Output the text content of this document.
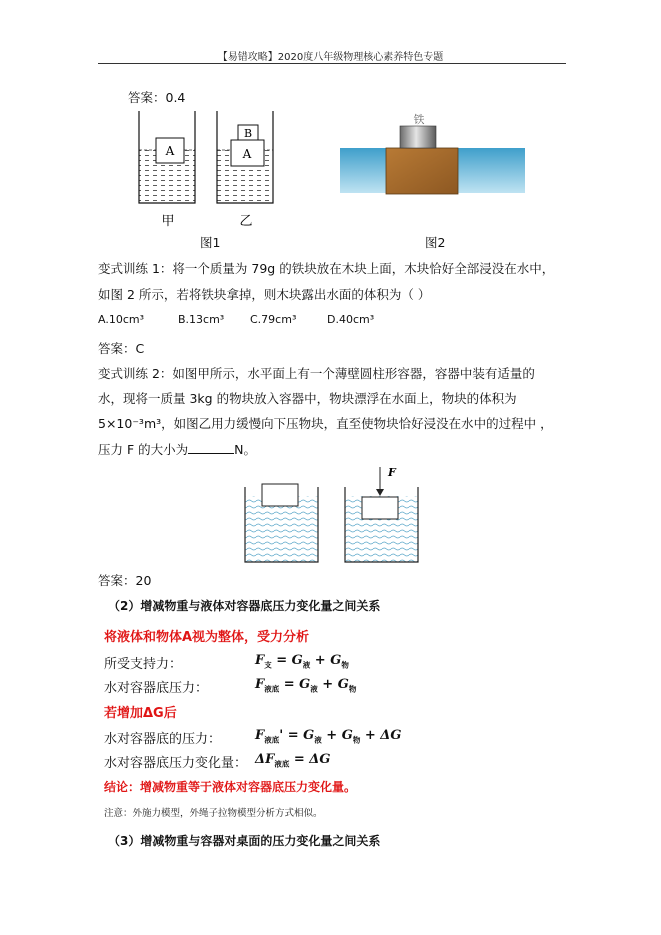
【易错攻略】2020度八年级物理核心素养特色专题
答案：0.4
A	A
B
甲	乙
图1
铁
图2
变式训练 1：将一个质量为 79g 的铁块放在木块上面，木块恰好全部浸没在水中，
如图 2 所示，若将铁块拿掉，则木块露出水面的体积为（ ）
A.10cm³	B.13cm³ C.79cm³	D.40cm³
答案：C
变式训练 2：如图甲所示，水平面上有一个薄壁圆柱形容器，容器中装有适量的
水，现将一质量 3kg 的物块放入容器中，物块漂浮在水面上，物块的体积为
5×10⁻³m³，如图乙用力缓慢向下压物块，直至使物块恰好浸没在水中的过程中 ，
压力 F 的大小为	N。
F
答案：20
（2）增减物重与液体对容器底压力变化量之间关系
将液体和物体A视为整体，受力分析
所受支持力：	$F_支 = G_液 + G_物$
水对容器底压力：	$F_{液底} = G_液 + G_物$
若增加ΔG后
水对容器底的压力：	$F_{液底}' = G_液 + G_物 + \Delta G$
水对容器底压力变化量： $\Delta F_{液底} = \Delta G$
结论：增减物重等于液体对容器底压力变化量。
注意：外施力模型，外绳子拉物模型分析方式相似。
（3）增减物重与容器对桌面的压力变化量之间关系
